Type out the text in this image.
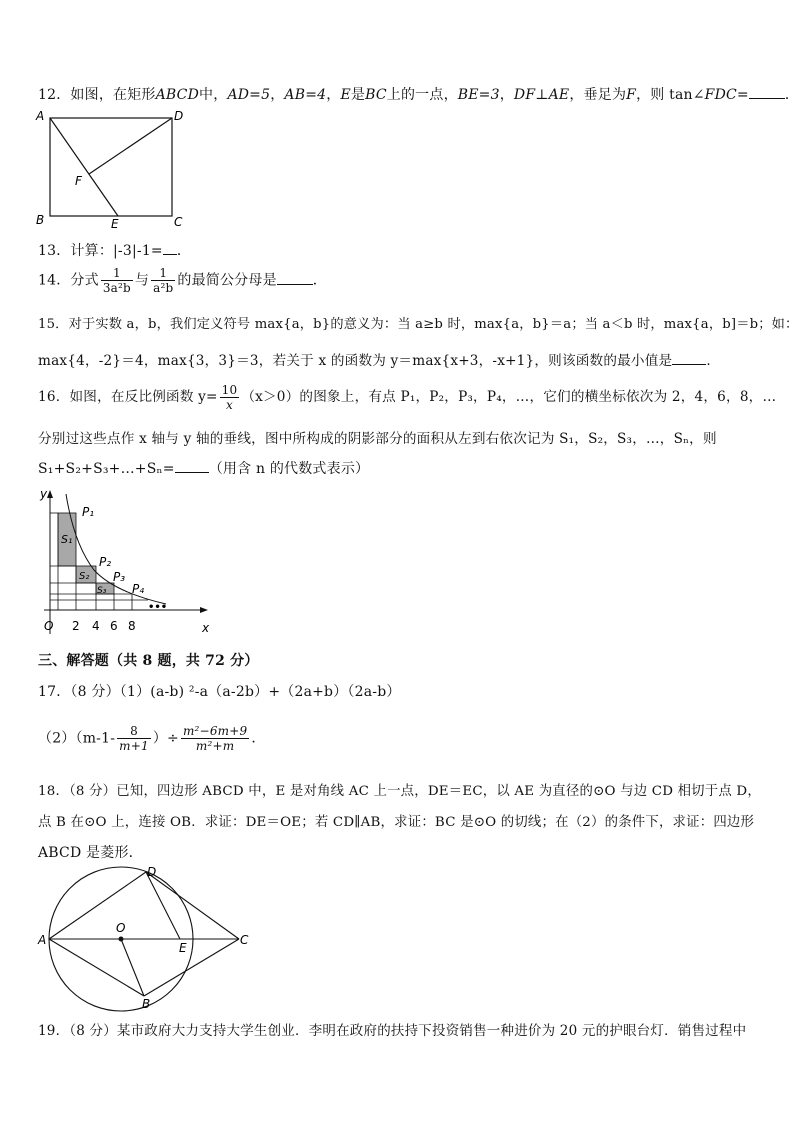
12．如图，在矩形ABCD中，AD=5，AB=4，E是BC上的一点，BE=3，DF⊥AE，垂足为F，则 tan∠FDC=	．
A	D
B	C
E
F
13．计算：|-3|-1= ．
14．分式 $\frac{1}{\text{3a²b}}$ 与 $\frac{1}{\text{a²b}}$ 的最简公分母是	．
15．对于实数 a，b，我们定义符号 max{a，b}的意义为：当 a≥b 时，max{a，b}＝a；当 a＜b 时，max{a，b]＝b；如：
max{4，-2}＝4，max{3，3}＝3，若关于 x 的函数为 y＝max{x+3，-x+1}，则该函数的最小值是	．
16．如图，在反比例函数 $y= \frac{10}{x} (x>0)$的图象上，有点 P₁，P₂，P₃，P₄，…，它们的横坐标依次为 2，4，6，8，…
分别过这些点作 x 轴与 y 轴的垂线，图中所构成的阴影部分的面积从左到右依次记为 S₁，S₂，S₃，…，Sₙ，则
S₁+S₂+S₃+…+Sₙ= （用含 n 的代数式表示）
y
x
O 2 4 6 8
P₁
P₂
P₃
P₄
S₁
S₂
S₃
•••
三、解答题（共 8 题，共 72 分）
17．（8 分）（1）(a-b) ²-a（a-2b）+（2a+b）（2a-b）
$(2)(m-1- \frac{8}{m+1}$ ）÷ $\frac{\text{m²−6m+9}}{\text{m²+m}}$ ．
18．（8 分）已知，四边形 ABCD 中，E 是对角线 AC 上一点，DE＝EC，以 AE 为直径的⊙O 与边 CD 相切于点 D，
点 B 在⊙O 上，连接 OB．求证：DE＝OE；若 CD∥AB，求证：BC 是⊙O 的切线；在（2）的条件下，求证：四边形
ABCD 是菱形．
A
O
E
C
D
B
19．（8 分）某市政府大力支持大学生创业．李明在政府的扶持下投资销售一种进价为 20 元的护眼台灯．销售过程中
